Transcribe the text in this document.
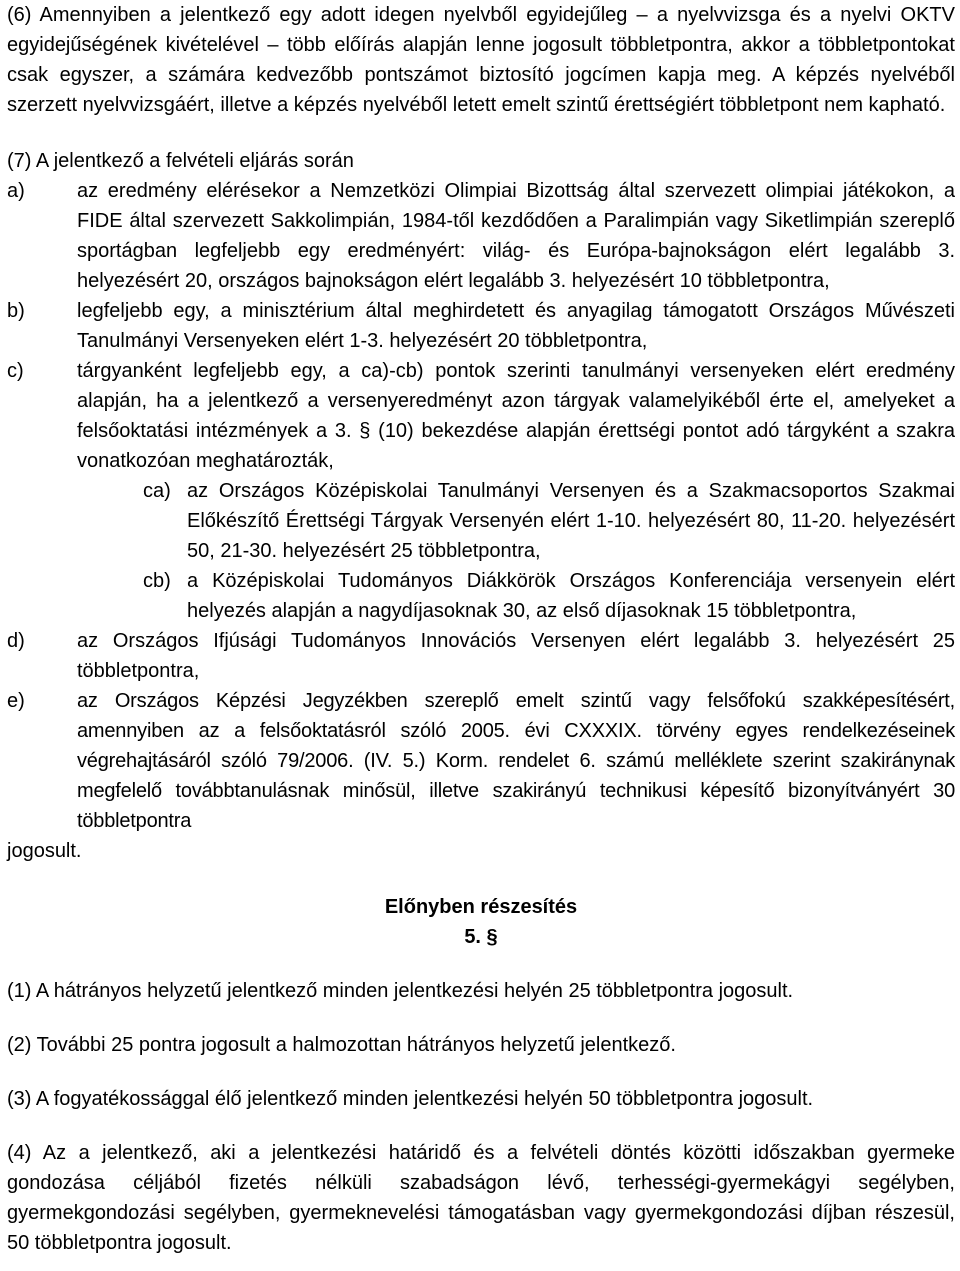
(6) Amennyiben a jelentkező egy adott idegen nyelvből egyidejűleg – a nyelvvizsga és a nyelvi OKTV egyidejűségének kivételével – több előírás alapján lenne jogosult többletpontra, akkor a többletpontokat csak egyszer, a számára kedvezőbb pontszámot biztosító jogcímen kapja meg. A képzés nyelvéből szerzett nyelvvizsgáért, illetve a képzés nyelvéből letett emelt szintű érettségiért többletpont nem kapható.

(7) A jelentkező a felvételi eljárás során

a)	az eredmény elérésekor a Nemzetközi Olimpiai Bizottság által szervezett olimpiai játékokon, a FIDE által szervezett Sakkolimpián, 1984-től kezdődően a Paralimpián vagy Siketlimpián szereplő sportágban legfeljebb egy eredményért: világ- és Európa-bajnokságon elért legalább 3. helyezésért 20, országos bajnokságon elért legalább 3. helyezésért 10 többletpontra,
b)	legfeljebb egy, a minisztérium által meghirdetett és anyagilag támogatott Országos Művészeti Tanulmányi Versenyeken elért 1-3. helyezésért 20 többletpontra,
c)	tárgyanként legfeljebb egy, a ca)-cb) pontok szerinti tanulmányi versenyeken elért eredmény alapján, ha a jelentkező a versenyeredményt azon tárgyak valamelyikéből érte el, amelyeket a felsőoktatási intézmények a 3. § (10) bekezdése alapján érettségi pontot adó tárgyként a szakra vonatkozóan meghatározták,
ca) az Országos Középiskolai Tanulmányi Versenyen és a Szakmacsoportos Szakmai Előkészítő Érettségi Tárgyak Versenyén elért 1-10. helyezésért 80, 11-20. helyezésért 50, 21-30. helyezésért 25 többletpontra,
cb) a Középiskolai Tudományos Diákkörök Országos Konferenciája versenyein elért helyezés alapján a nagydíjasoknak 30, az első díjasoknak 15 többletpontra,
d)	az Országos Ifjúsági Tudományos Innovációs Versenyen elért legalább 3. helyezésért 25 többletpontra,
e)	az Országos Képzési Jegyzékben szereplő emelt szintű vagy felsőfokú szakképesítésért, amennyiben az a felsőoktatásról szóló 2005. évi CXXXIX. törvény egyes rendelkezéseinek végrehajtásáról szóló 79/2006. (IV. 5.) Korm. rendelet 6. számú melléklete szerint szakiránynak megfelelő továbbtanulásnak minősül, illetve szakirányú technikusi képesítő bizonyítványért 30 többletpontra

jogosult.

Előnyben részesítés

5. §

(1) A hátrányos helyzetű jelentkező minden jelentkezési helyén 25 többletpontra jogosult.

(2) További 25 pontra jogosult a halmozottan hátrányos helyzetű jelentkező.

(3) A fogyatékossággal élő jelentkező minden jelentkezési helyén 50 többletpontra jogosult.

(4) Az a jelentkező, aki a jelentkezési határidő és a felvételi döntés közötti időszakban gyermeke gondozása céljából fizetés nélküli szabadságon lévő, terhességi-gyermekágyi segélyben, gyermekgondozási segélyben, gyermeknevelési támogatásban vagy gyermekgondozási díjban részesül, 50 többletpontra jogosult.
